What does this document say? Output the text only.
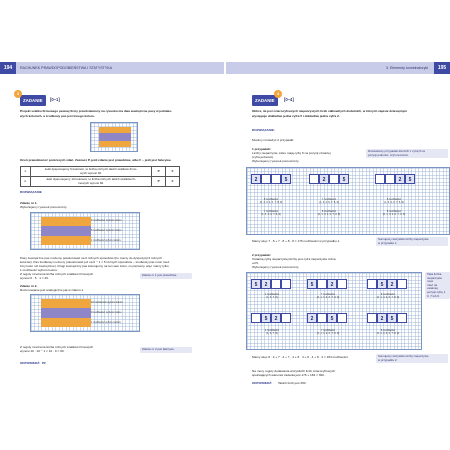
194	RACHUNEK PRAWDOPODOBIEŃSTWA I STATYSTYKA
ZADANIE
3
[0–1]
Projekt szaliku firmowego pewnej firmy przedstawiony na rysunku ma dwa zewnętrzne pasy w jednako-
wych kolorach, a środkowy pas jest innego koloru.
Oceń prawdziwość poniższych zdań. Zaznacz P, jeśli zdanie jest prawdziwe, albo F – jeśli jest fałszywe.
1.	Jeśli dysponujemy 6 kolorami, to liczba różnych takich szalików firmo-
wych wynosi 30.	P	F
2.	Jeśli dysponujemy 10 kolorami, to liczba różnych takich szalików fir-
mowych wynosi 60.	P	F
ROZWIĄZANIE
Zdanie nr 1.
Wykonujemy rysunek pomocniczy.
6 możliwości wyboru koloru
5 możliwości wyboru koloru
1 możliwość wyboru koloru
Pasy zewnętrzne pas możemy pokolorować na 6 różnych sposobów (bo mamy do dyspozycji 6 różnych
kolorów). Pas środkowy możemy pokolorować już na 6 − 1 = 5 różnych sposobów – środkowy pas musi mieć
inny kolor niż zewnętrzne). Drugi zewnętrzny pas kolorujemy na ten sam kolor, co pierwszy, więc mamy tylko
1 możliwość wyboru koloru.
Z reguły mnożenia liczba różnych szalików firmowych
wynosi 6 · 5 · 1 = 30.
Zdanie nr 1 jest prawdziwe.
Zdanie nr 2.
Rozumowanie jest analogiczne jak w zdaniu 1.
10 możliwości wyboru koloru
9 możliwości wyboru koloru
1 możliwość wyboru koloru
Z reguły mnożenia liczba różnych szalików firmowych
wynosi 10 · 10 − 1 = 10 · 9 = 90.	Zdanie nr 2 jest fałszywe.
ODPOWIEDŹ: PF
195
3. Elementy kombinatoryki
ZADANIE
4
[0–4]
Oblicz, ile jest czterocyfrowych nieparzystych liczb całkowitych dodatnich, w których zapisie dziesiętnym
występuje dokładnie jedna cyfra 5 i dokładnie jedna cyfra 2.
ROZWIĄZANIE:
Musimy rozważyć 2 przypadki:
1 przypadek:
Liczby nieparzyste, które mają cyfrę 5 na pozycji czwartej
(cyfra jedności).
Wykonujemy rysunek pomocniczy.
Rozważamy przypadek dla liczb z cyfrą 5 na
pozycji jedności, czyli na końcu.
2	5	2	5	2	5
8 możliwości
(0, 1, 3, 4, 6, 7, 8, 9)
7 możliwości
(1, 3, 4, 6, 7, 8, 9)
7 możliwości
(1, 3, 4, 6, 7, 8, 9)
8 możliwości
(0, 1, 3, 4, 6, 7, 8, 9)
8 możliwości
(1, 3, 4, 6, 7, 8, 9)
8 możliwości
(0, 1, 3, 4, 6, 7, 8, 9)
Mamy więc 7 · 8 + 7 · 8 + 8 · 8 = 176 możliwości w przypadku 1.	Sumujemy wszystkie liczby nieparzyste
w przypadku 1.
2 przypadek:
Ostatnią cyfrą nieparzystej liczby jest cyfra nieparzysta różna
od 5.
Wykonujemy rysunek pomocniczy.
5	2	5	2	5	2
4 możliwości
(1, 3, 7, 9)
7 możliwości
(0, 1, 3, 4, 6, 7, 8, 9)
8 możliwości
(0, 1, 3, 4, 6, 7, 8, 9)
5	2	2	5	2	5
4 możliwości
(1, 3, 7, 9)
7 możliwości
(0, 1, 3, 4, 6, 7, 8, 9)
8 możliwości
(0, 1, 3, 4, 6, 7, 8, 9)
Taka liczba
nieparzysta musi
mieć na ostatniej
pozycji cyfrę 1
3, 7 lub 9.
Mamy więc 8 · 4 + 7 · 4 + 7 · 4 + 8 · 4 + 8 · 4 + 8 · 4 = 184 możliwości.	Sumujemy wszystkie liczby nieparzyste
w przypadku 2.
Na mocy reguły dodawania wszystkich liczb czterocyfrowych
spełniających warunek zadania jest 176 + 184 = 360.
ODPOWIEDŹ: Takich liczb jest 360.
